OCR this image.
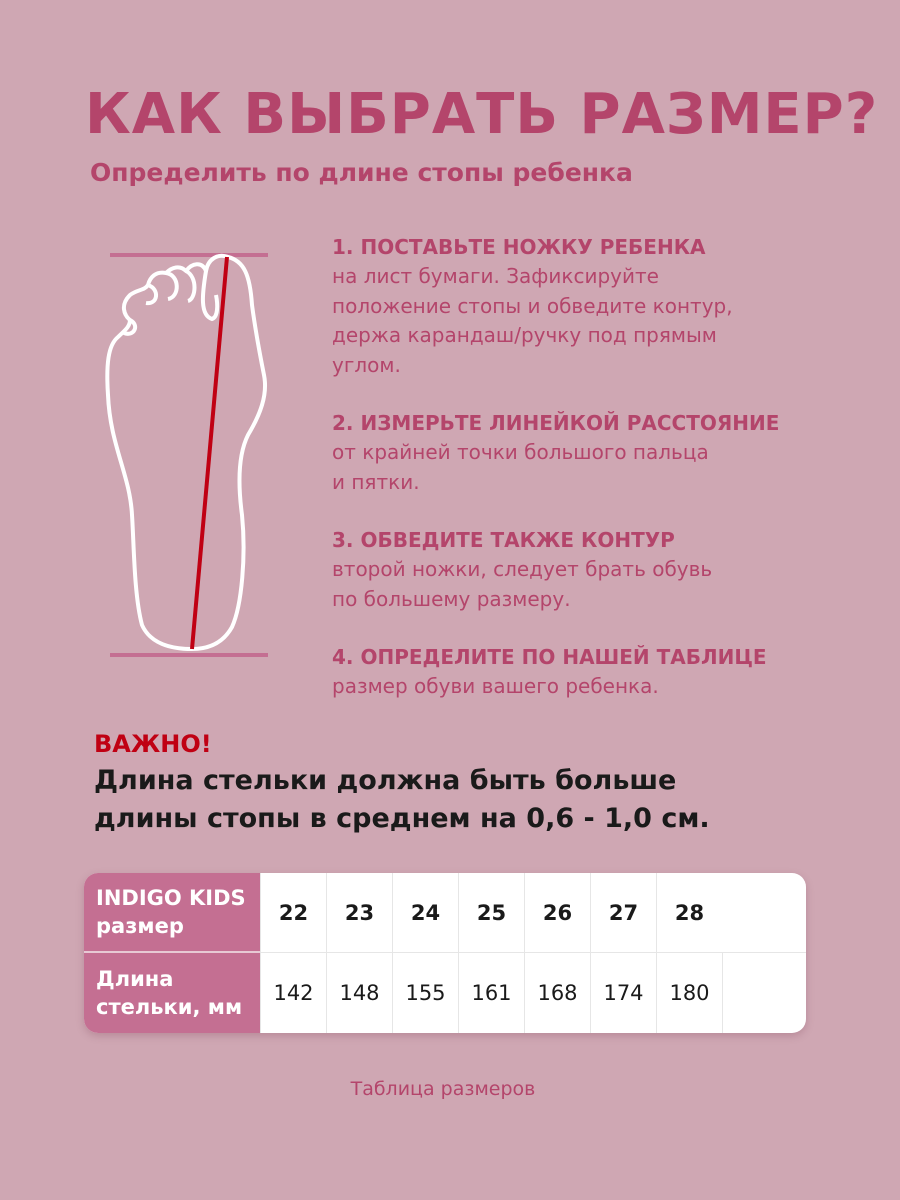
КАК ВЫБРАТЬ РАЗМЕР?
Определить по длине стопы ребенка
1. ПОСТАВЬТЕ НОЖКУ РЕБЕНКА
на лист бумаги. Зафиксируйте
положение стопы и обведите контур,
держа карандаш/ручку под прямым
углом.
2. ИЗМЕРЬТЕ ЛИНЕЙКОЙ РАССТОЯНИЕ
от крайней точки большого пальца
и пятки.
3. ОБВЕДИТЕ ТАКЖЕ КОНТУР
второй ножки, следует брать обувь
по большему размеру.
4. ОПРЕДЕЛИТЕ ПО НАШЕЙ ТАБЛИЦЕ
размер обуви вашего ребенка.
ВАЖНО!
Длина стельки должна быть больше
длины стопы в среднем на 0,6 - 1,0 см.
INDIGO KIDS
размер
22	23	24	25	26	27	28
Длина
стельки, мм
142	148	155	161	168	174	180
Таблица размеров
